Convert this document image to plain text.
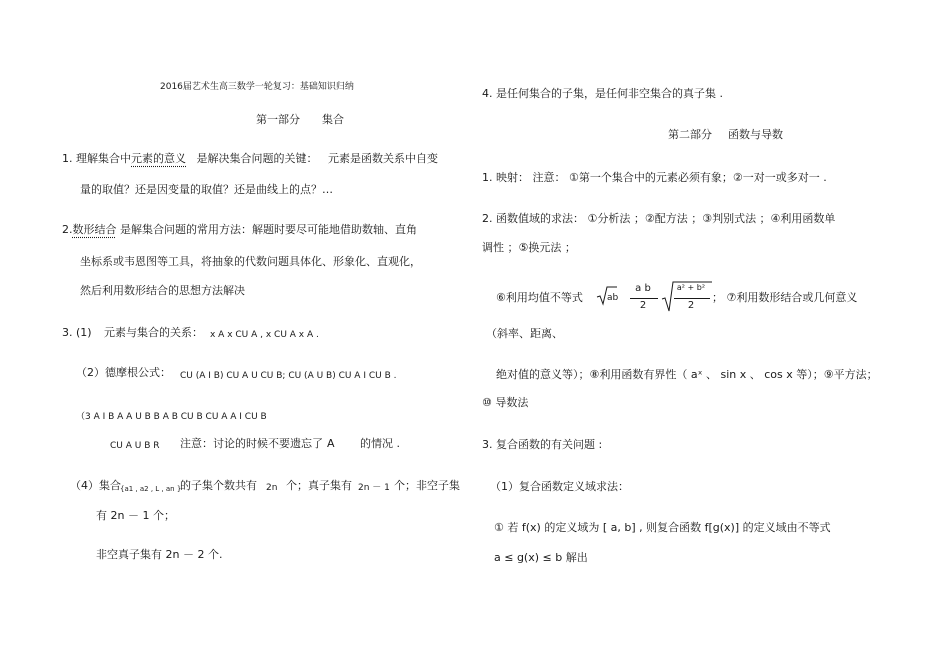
2016届艺术生高三数学一轮复习：基础知识归纳
第一部分 集合
1. 理解集合中元素的意义 是解决集合问题的关键： 元素是函数关系中自变
量的取值？还是因变量的取值？还是曲线上的点？…
2.数形结合 是解集合问题的常用方法：解题时要尽可能地借助数轴、直角
坐标系或韦恩图等工具，将抽象的代数问题具体化、形象化、直观化，
然后利用数形结合的思想方法解决
3. (1) 元素与集合的关系： x A x CU A , x CU A x A .
（2）德摩根公式： CU (A I B) CU A U CU B; CU (A U B) CU A I CU B .
（3 A I B A A U B B A B CU B CU A A I CU B
CU A U B R 注意：讨论的时候不要遗忘了 A 的情况 .
（4）集合 {a1 , a2 , L , an }
的子集个数共有 2n 个；真子集有 2n － 1 个；非空子集
有 2n － 1 个；
非空真子集有 2n － 2 个.
4. 是任何集合的子集，是任何非空集合的真子集 .
第二部分 函数与导数
1. 映射： 注意： ①第一个集合中的元素必须有象；②一对一或多对一 .
2. 函数值域的求法： ①分析法 ；②配方法 ；③判别式法 ；④利用函数单
调性 ；⑤换元法 ；
⑥利用均值不等式	ab
a b
2
a² + b²
2
； ⑦利用数形结合或几何意义
（斜率、距离、
绝对值的意义等）；⑧利用函数有界性（ aˣ 、 sin x 、 cos x 等）；⑨平方法；
⑩ 导数法
3. 复合函数的有关问题 :
（1）复合函数定义域求法：
① 若 f(x) 的定义域为 [ a, b] , 则复合函数 f[g(x)] 的定义域由不等式
a ≤ g(x) ≤ b 解出
